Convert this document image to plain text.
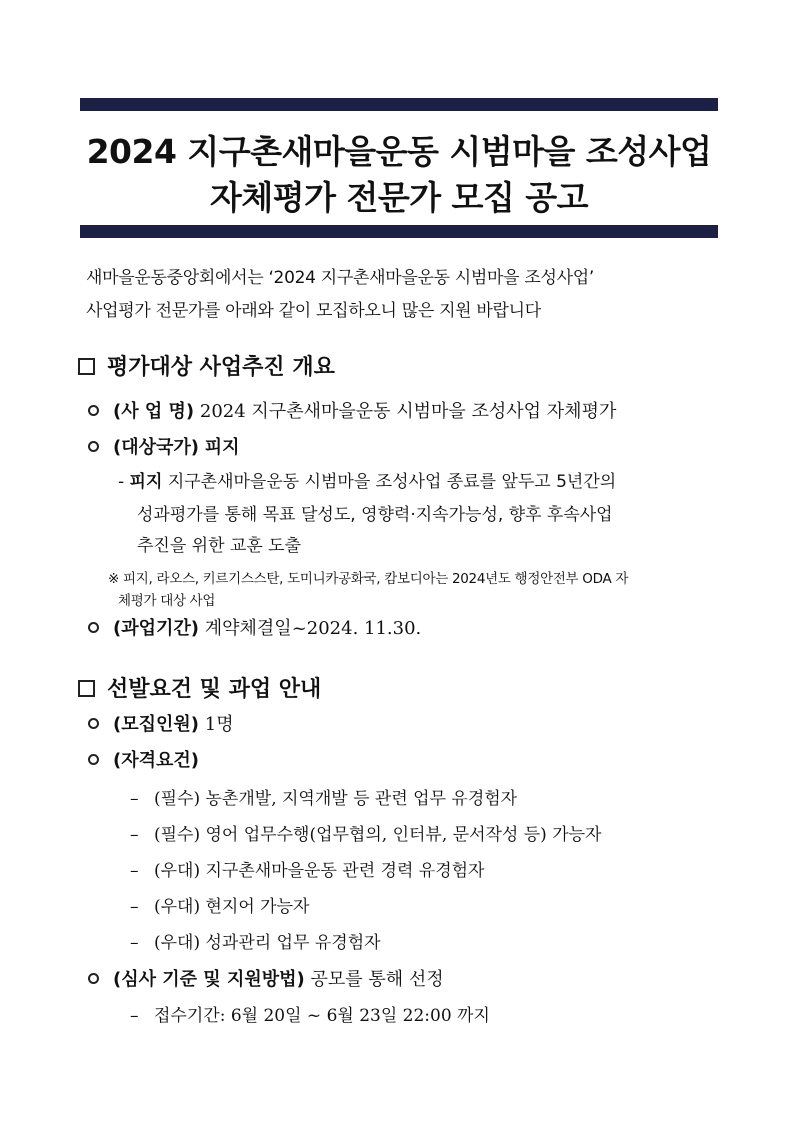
2024 지구촌새마을운동 시범마을 조성사업
자체평가 전문가 모집 공고
새마을운동중앙회에서는 ‘2024 지구촌새마을운동 시범마을 조성사업’
사업평가 전문가를 아래와 같이 모집하오니 많은 지원 바랍니다
평가대상 사업추진 개요
(사 업 명) 2024 지구촌새마을운동 시범마을 조성사업 자체평가
(대상국가) 피지
- 피지 지구촌새마을운동 시범마을 조성사업 종료를 앞두고 5년간의
성과평가를 통해 목표 달성도, 영향력·지속가능성, 향후 후속사업
추진을 위한 교훈 도출
※ 피지, 라오스, 키르기스스탄, 도미니카공화국, 캄보디아는 2024년도 행정안전부 ODA 자
체평가 대상 사업
(과업기간) 계약체결일~2024. 11.30.
선발요건 및 과업 안내
(모집인원) 1명
(자격요건)
– (필수) 농촌개발, 지역개발 등 관련 업무 유경험자
– (필수) 영어 업무수행(업무협의, 인터뷰, 문서작성 등) 가능자
– (우대) 지구촌새마을운동 관련 경력 유경험자
– (우대) 현지어 가능자
– (우대) 성과관리 업무 유경험자
(심사 기준 및 지원방법) 공모를 통해 선정
– 접수기간: 6월 20일 ~ 6월 23일 22:00 까지
